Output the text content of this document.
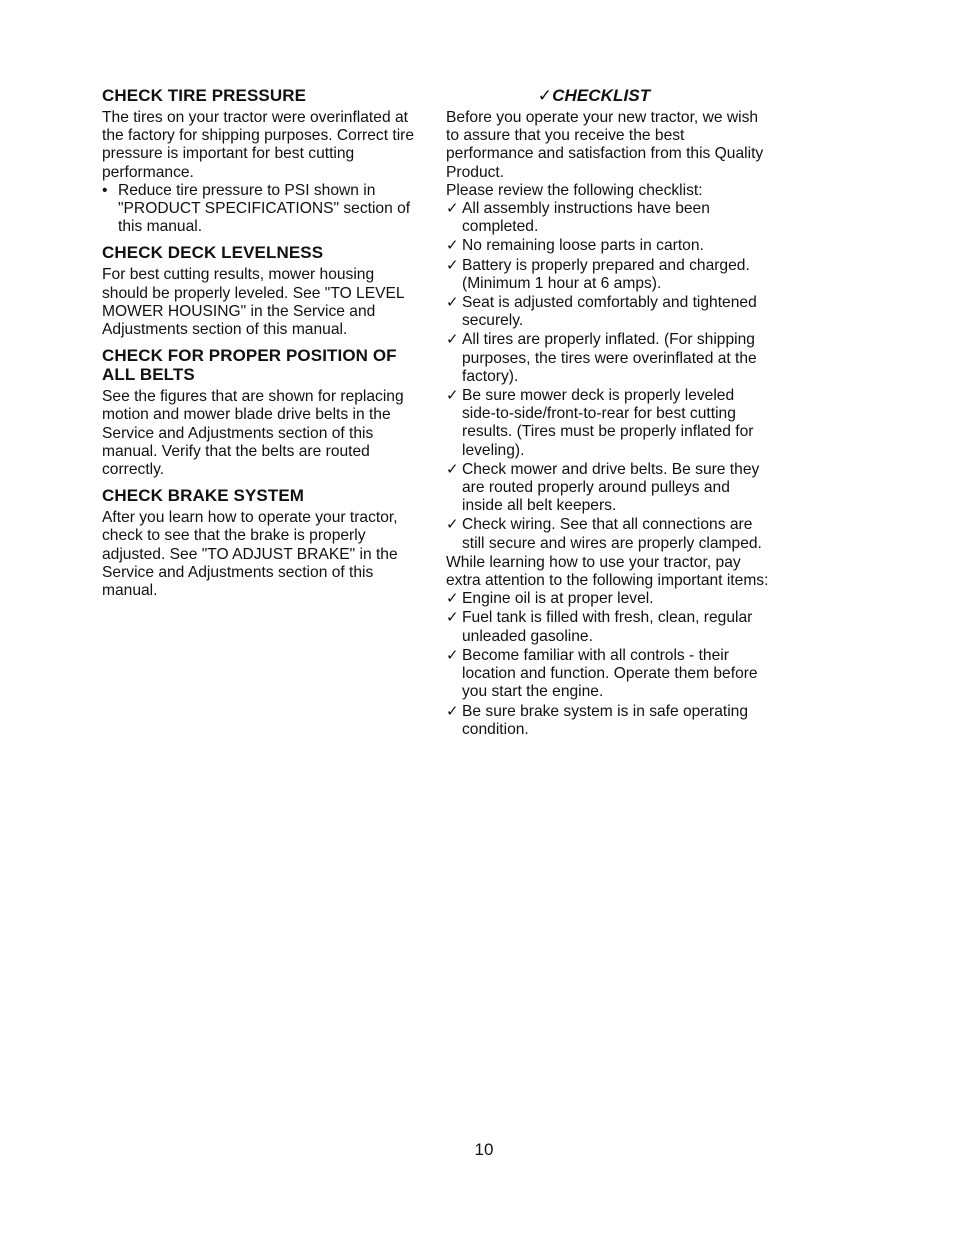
CHECK TIRE PRESSURE

The tires on your tractor were overinflated at the factory for shipping purposes. Correct tire pressure is important for best cutting performance.

• Reduce tire pressure to PSI shown in "PRODUCT SPECIFICATIONS" section of this manual.
CHECK DECK LEVELNESS

For best cutting results, mower housing should be properly leveled. See "TO LEVEL MOWER HOUSING" in the Service and Adjustments section of this manual.

CHECK FOR PROPER POSITION OF ALL BELTS

See the figures that are shown for replacing motion and mower blade drive belts in the Service and Adjustments section of this manual. Verify that the belts are routed correctly.

CHECK BRAKE SYSTEM

After you learn how to operate your tractor, check to see that the brake is properly adjusted. See "TO ADJUST BRAKE" in the Service and Adjustments section of this manual.

✓CHECKLIST

Before you operate your new tractor, we wish to assure that you receive the best performance and satisfaction from this Quality Product.

Please review the following checklist:

✓ All assembly instructions have been completed.
✓ No remaining loose parts in carton.
✓ Battery is properly prepared and charged. (Minimum 1 hour at 6 amps).
✓ Seat is adjusted comfortably and tightened securely.
✓ All tires are properly inflated. (For shipping purposes, the tires were overinflated at the factory).
✓ Be sure mower deck is properly leveled side-to-side/front-to-rear for best cutting results. (Tires must be properly inflated for leveling).
✓ Check mower and drive belts. Be sure they are routed properly around pulleys and inside all belt keepers.
✓ Check wiring. See that all connections are still secure and wires are properly clamped.

While learning how to use your tractor, pay extra attention to the following important items:

✓ Engine oil is at proper level.
✓ Fuel tank is filled with fresh, clean, regular unleaded gasoline.
✓ Become familiar with all controls - their location and function. Operate them before you start the engine.
✓ Be sure brake system is in safe operating condition.
10
